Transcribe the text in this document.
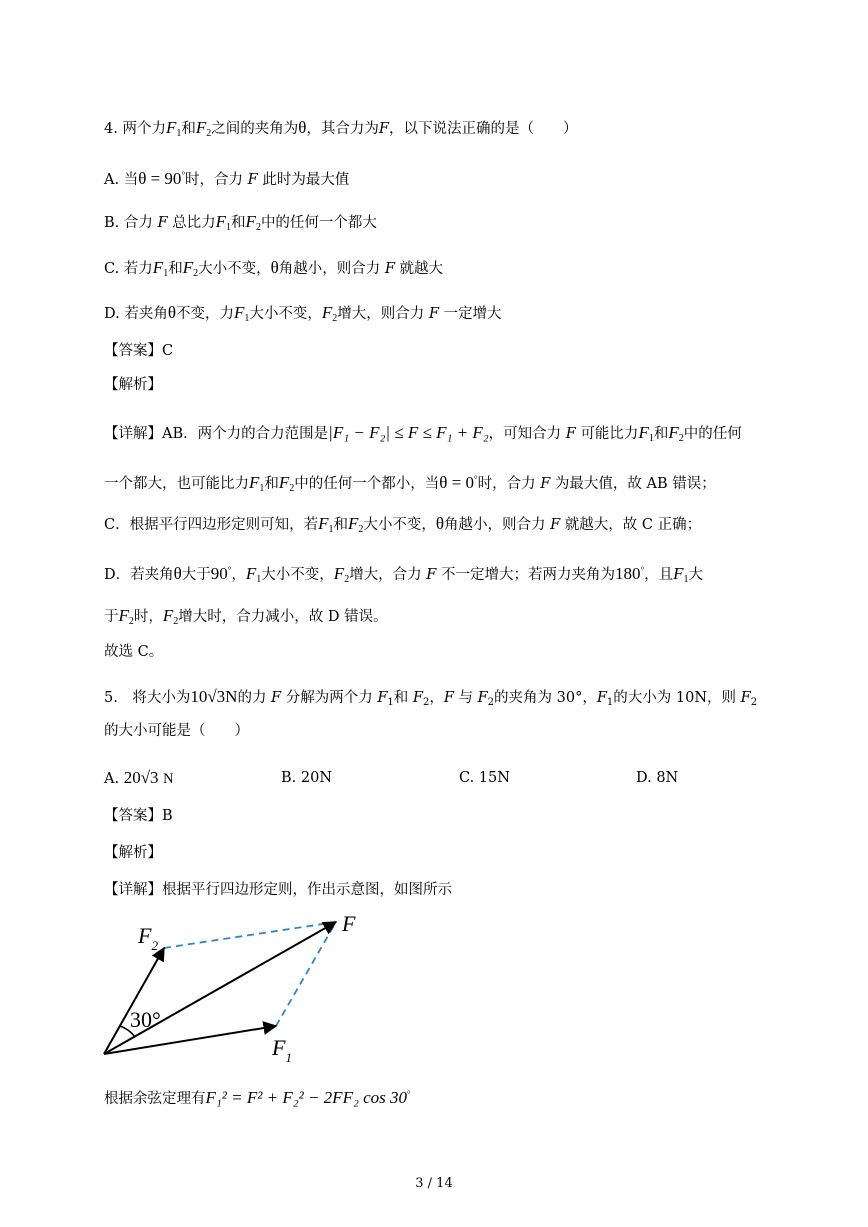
4. 两个力$F_1$和$F_2$之间的夹角为θ，其合力为F，以下说法正确的是（　　）
A. 当θ = 90°时，合力 F 此时为最大值
B. 合力 F 总比力$F_1$和$F_2$中的任何一个都大
C. 若力$F_1$和$F_2$大小不变，θ角越小，则合力 F 就越大
D. 若夹角θ不变，力$F_1$大小不变，$F_2$增大，则合力 F 一定增大
【答案】C
【解析】
【详解】AB．两个力的合力范围是|F₁ − F₂| ≤ F ≤ F₁ + F₂，可知合力 F 可能比力$F_1$和$F_2$中的任何
一个都大，也可能比力$F_1$和$F_2$中的任何一个都小，当θ = 0°时，合力 F 为最大值，故 AB 错误；
C．根据平行四边形定则可知，若$F_1$和$F_2$大小不变，θ角越小，则合力 F 就越大，故 C 正确；
D．若夹角θ大于90°，$F_1$大小不变，$F_2$增大，合力 F 不一定增大；若两力夹角为180°，且$F_1$大
于$F_2$时，$F_2$增大时，合力减小，故 D 错误。
故选 C。
5.　将大小为10√3N的力 F 分解为两个力 $F_1$和 $F_2$，F 与 $F_2$的夹角为 30°，$F_1$的大小为 10N，则 $F_2$
的大小可能是（　　）
A. 20√3 N	B. 20N	C. 15N	D. 8N
【答案】B
【解析】
【详解】根据平行四边形定则，作出示意图，如图所示
30°
$F_2$
F
$F_1$
根据余弦定理有F₁² = F² + F₂² − 2FF₂ cos 30°
3 / 14
